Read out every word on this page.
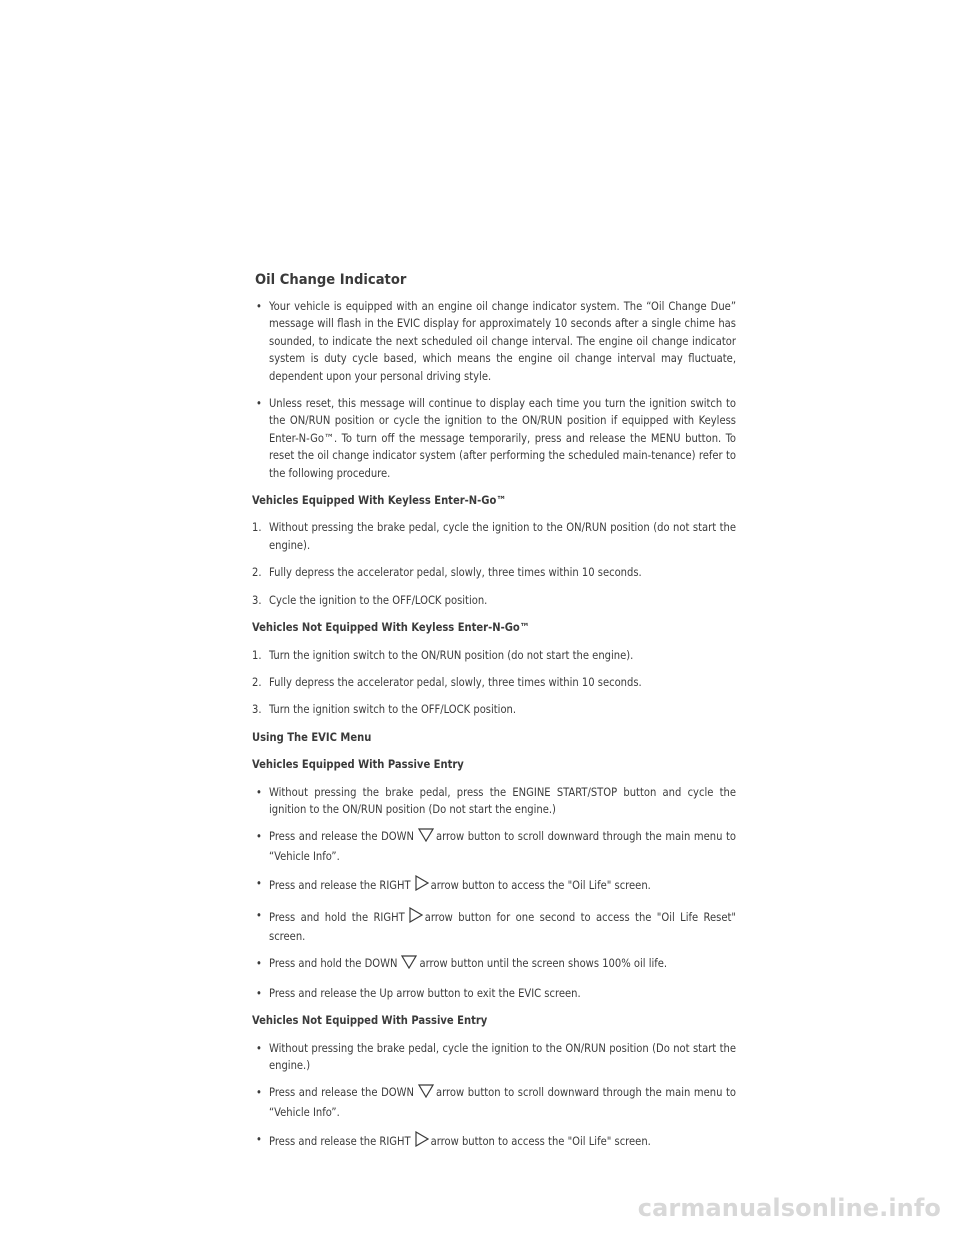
Oil Change Indicator

• Your vehicle is equipped with an engine oil change indicator system. The “Oil Change Due” message will flash in the EVIC display for approximately 10 seconds after a single chime has sounded, to indicate the next scheduled oil change interval. The engine oil change indicator system is duty cycle based, which means the engine oil change interval may fluctuate, dependent upon your personal driving style.

• Unless reset, this message will continue to display each time you turn the ignition switch to the ON/RUN position or cycle the ignition to the ON/RUN position if equipped with Keyless Enter-N-Go™. To turn off the message temporarily, press and release the MENU button. To reset the oil change indicator system (after performing the scheduled main-tenance) refer to the following procedure.

Vehicles Equipped With Keyless Enter-N-Go™

1. Without pressing the brake pedal, cycle the ignition to the ON/RUN position (do not start the engine).

2. Fully depress the accelerator pedal, slowly, three times within 10 seconds.

3. Cycle the ignition to the OFF/LOCK position.

Vehicles Not Equipped With Keyless Enter-N-Go™

1. Turn the ignition switch to the ON/RUN position (do not start the engine).

2. Fully depress the accelerator pedal, slowly, three times within 10 seconds.

3. Turn the ignition switch to the OFF/LOCK position.

Using The EVIC Menu

Vehicles Equipped With Passive Entry

• Without pressing the brake pedal, press the ENGINE START/STOP button and cycle the ignition to the ON/RUN position (Do not start the engine.)

• Press and release the DOWN arrow button to scroll downward through the main menu to “Vehicle Info”.

• Press and release the RIGHT arrow button to access the "Oil Life" screen.

• Press and hold the RIGHT arrow button for one second to access the "Oil Life Reset" screen.

• Press and hold the DOWN arrow button until the screen shows 100% oil life.

• Press and release the Up arrow button to exit the EVIC screen.

Vehicles Not Equipped With Passive Entry

• Without pressing the brake pedal, cycle the ignition to the ON/RUN position (Do not start the engine.)

• Press and release the DOWN arrow button to scroll downward through the main menu to “Vehicle Info”.

• Press and release the RIGHT arrow button to access the "Oil Life" screen.

carmanualsonline.info
